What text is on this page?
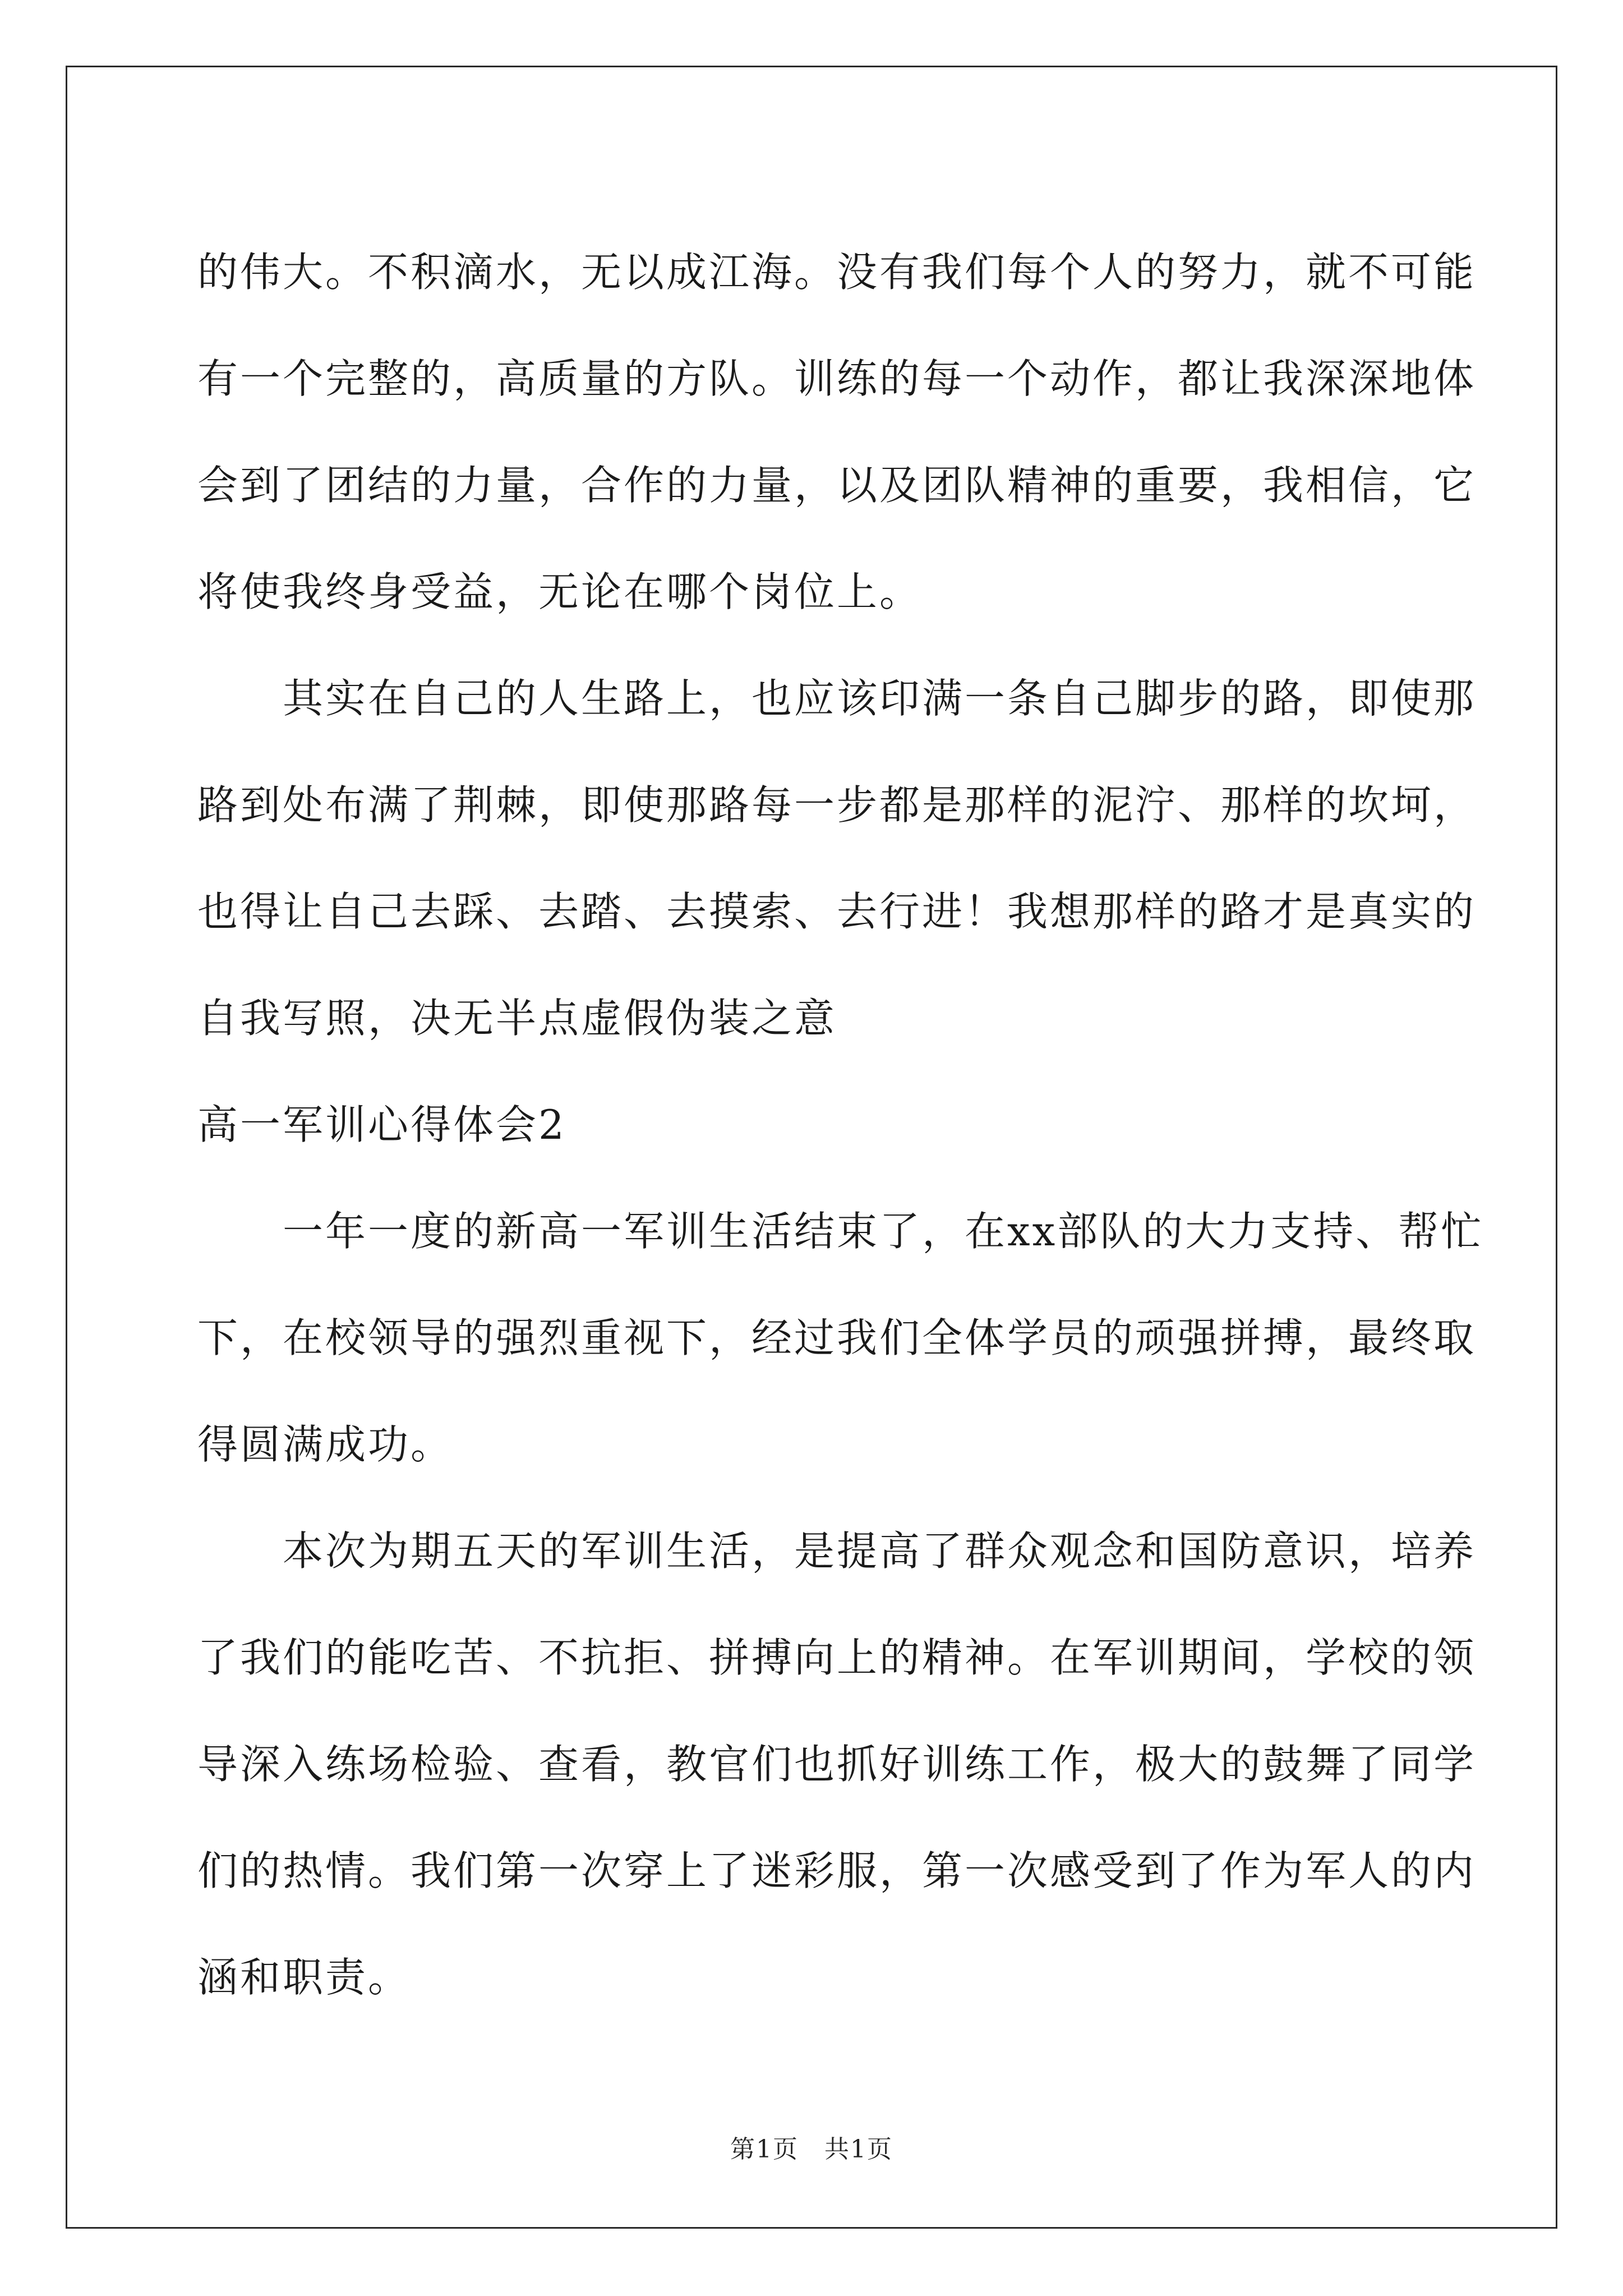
的伟大。不积滴水，无以成江海。没有我们每个人的努力，就不可能
有一个完整的，高质量的方队。训练的每一个动作，都让我深深地体
会到了团结的力量，合作的力量，以及团队精神的重要，我相信，它
将使我终身受益，无论在哪个岗位上。
　　其实在自己的人生路上，也应该印满一条自己脚步的路，即使那
路到处布满了荆棘，即使那路每一步都是那样的泥泞、那样的坎坷，
也得让自己去踩、去踏、去摸索、去行进！我想那样的路才是真实的
自我写照，决无半点虚假伪装之意
高一军训心得体会2
　　一年一度的新高一军训生活结束了，在xx部队的大力支持、帮忙
下，在校领导的强烈重视下，经过我们全体学员的顽强拼搏，最终取
得圆满成功。
　　本次为期五天的军训生活，是提高了群众观念和国防意识，培养
了我们的能吃苦、不抗拒、拼搏向上的精神。在军训期间，学校的领
导深入练场检验、查看，教官们也抓好训练工作，极大的鼓舞了同学
们的热情。我们第一次穿上了迷彩服，第一次感受到了作为军人的内
涵和职责。
第1页　共1页
